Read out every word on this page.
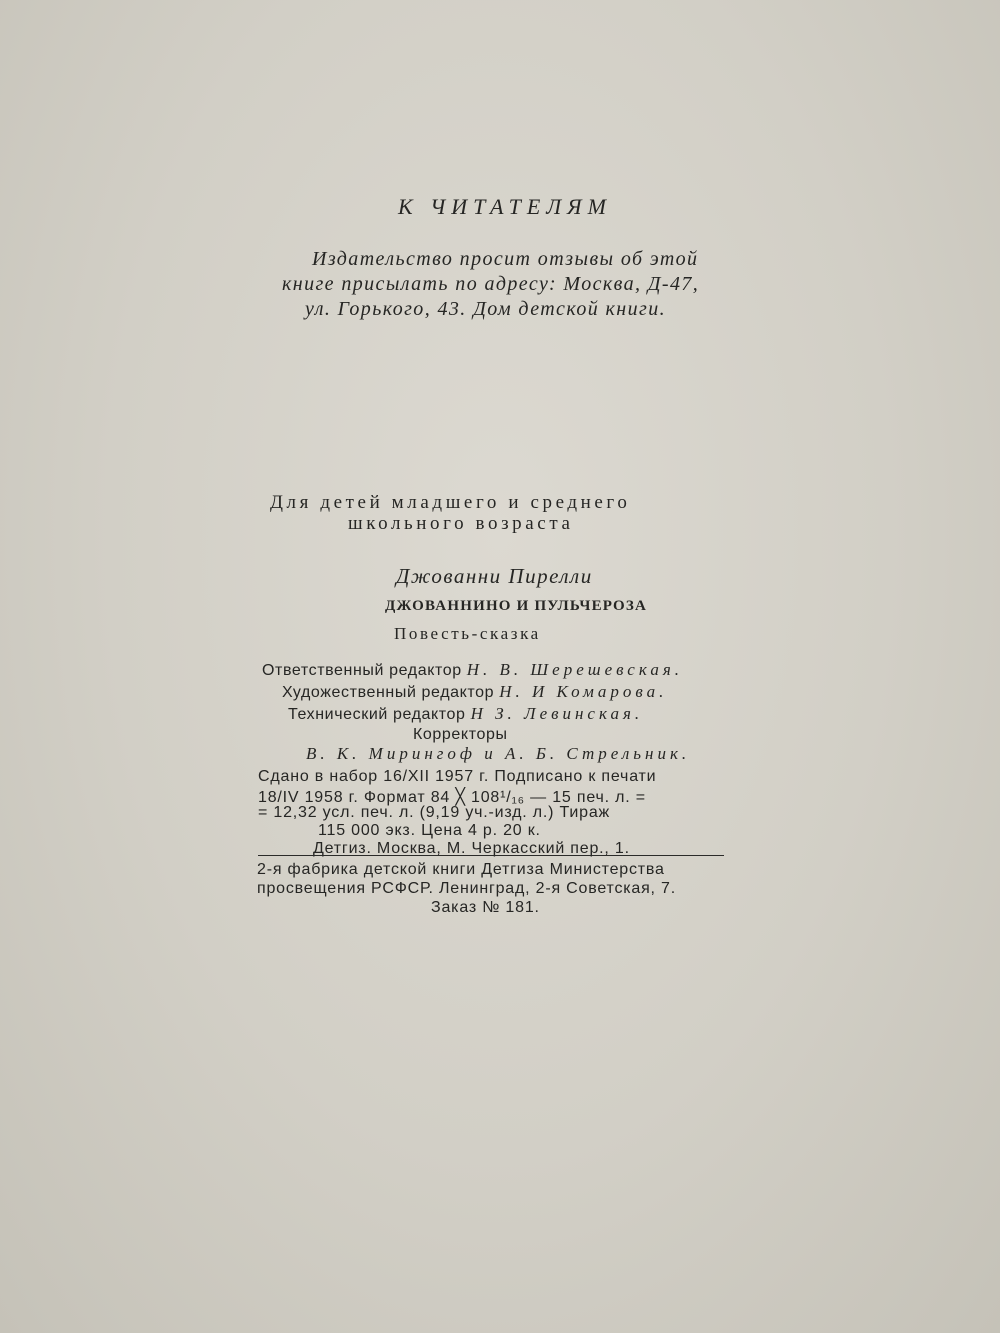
К ЧИТАТЕЛЯМ

Издательство просит отзывы об этой

книге присылать по адресу: Москва, Д-47,

ул. Горького, 43. Дом детской книги.

Для детей младшего и среднего

школьного возраста

Джованни Пирелли

ДЖОВАННИНО И ПУЛЬЧЕРОЗА

Повесть-сказка

Ответственный редактор Н. В. Шерешевская.

Художественный редактор Н. И Комарова.

Технический редактор Н З. Левинская.

Корректоры

В. К. Мирингоф и А. Б. Стрельник.

Сдано в набор 16/XII 1957 г. Подписано к печати

18/IV 1958 г. Формат 84 ╳ 108¹/₁₆ — 15 печ. л. =

= 12,32 усл. печ. л. (9,19 уч.-изд. л.) Тираж

115 000 экз. Цена 4 р. 20 к.

Детгиз. Москва, М. Черкасский пер., 1.

2-я фабрика детской книги Детгиза Министерства

просвещения РСФСР. Ленинград, 2-я Советская, 7.

Заказ № 181.
